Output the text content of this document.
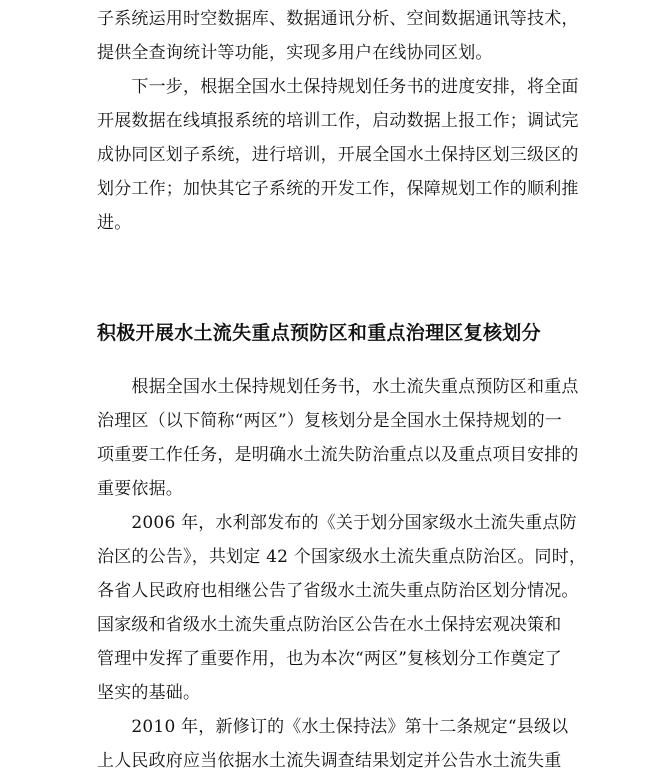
子系统运用时空数据库、数据通讯分析、空间数据通讯等技术，
提供全查询统计等功能，实现多用户在线协同区划。
　　下一步，根据全国水土保持规划任务书的进度安排，将全面
开展数据在线填报系统的培训工作，启动数据上报工作；调试完
成协同区划子系统，进行培训，开展全国水土保持区划三级区的
划分工作；加快其它子系统的开发工作，保障规划工作的顺利推
进。
积极开展水土流失重点预防区和重点治理区复核划分
　　根据全国水土保持规划任务书，水土流失重点预防区和重点
治理区（以下简称“两区”）复核划分是全国水土保持规划的一
项重要工作任务，是明确水土流失防治重点以及重点项目安排的
重要依据。
　　2006 年，水利部发布的《关于划分国家级水土流失重点防
治区的公告》，共划定 42 个国家级水土流失重点防治区。同时，
各省人民政府也相继公告了省级水土流失重点防治区划分情况。
国家级和省级水土流失重点防治区公告在水土保持宏观决策和
管理中发挥了重要作用，也为本次“两区”复核划分工作奠定了
坚实的基础。
　　2010 年，新修订的《水土保持法》第十二条规定“县级以
上人民政府应当依据水土流失调查结果划定并公告水土流失重
